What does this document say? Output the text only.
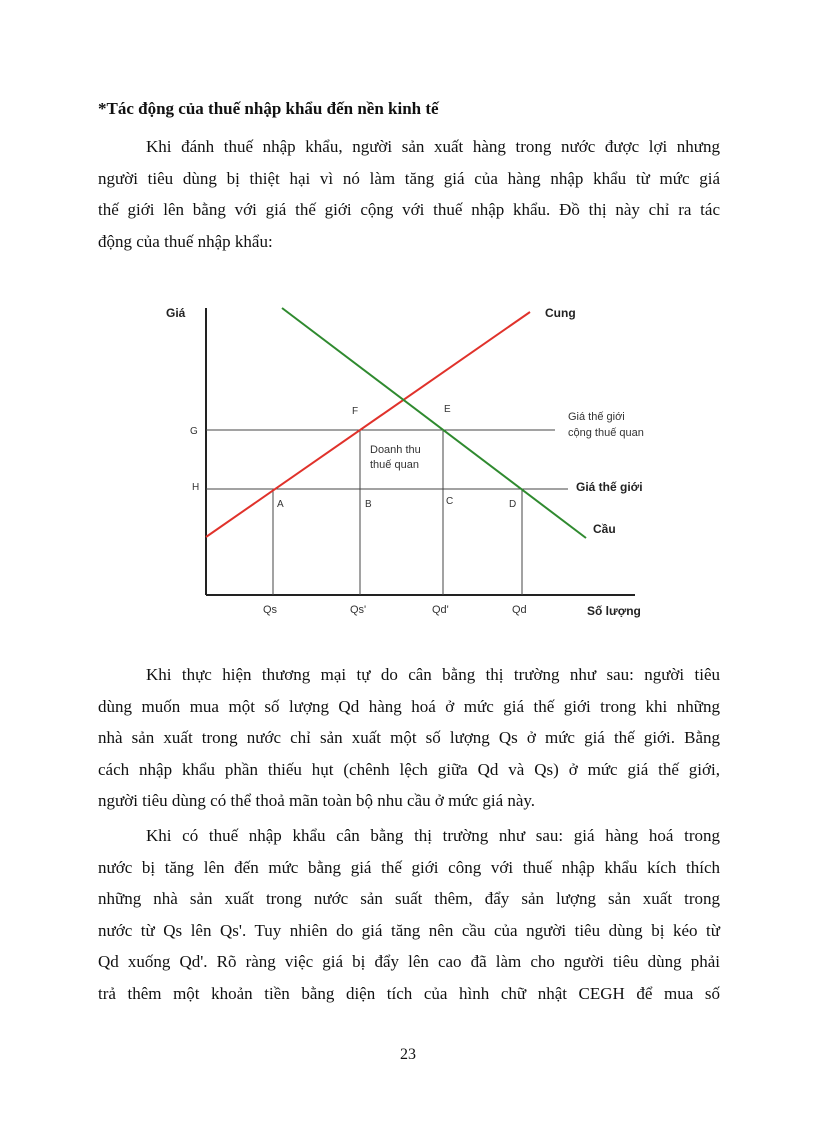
*Tác động của thuế nhập khẩu đến nền kinh tế
Khi đánh thuế nhập khẩu, người sản xuất hàng trong nước được lợi nhưng
người tiêu dùng bị thiệt hại vì nó làm tăng giá của hàng nhập khẩu từ mức giá
thế giới lên bằng với giá thế giới cộng với thuế nhập khẩu. Đồ thị này chỉ ra tác
động của thuế nhập khẩu:
Giá
Số lượng
Cung
Cầu
Giá thế giới
cộng thuế quan
Giá thế giới
G
H
F	E
A	B	C	D
Doanh thu
thuế quan
Qs	Qs'	Qd'	Qd
Khi thực hiện thương mại tự do cân bằng thị trường như sau: người tiêu
dùng muốn mua một số lượng Qd hàng hoá ở mức giá thế giới trong khi những
nhà sản xuất trong nước chỉ sản xuất một số lượng Qs ở mức giá thế giới. Bằng
cách nhập khẩu phần thiếu hụt (chênh lệch giữa Qd và Qs) ở mức giá thế giới,
người tiêu dùng có thể thoả mãn toàn bộ nhu cầu ở mức giá này.
Khi có thuế nhập khẩu cân bằng thị trường như sau: giá hàng hoá trong
nước bị tăng lên đến mức bằng giá thế giới công với thuế nhập khẩu kích thích
những nhà sản xuất trong nước sản suất thêm, đẩy sản lượng sản xuất trong
nước từ Qs lên Qs'. Tuy nhiên do giá tăng nên cầu của người tiêu dùng bị kéo từ
Qd xuống Qd'. Rõ ràng việc giá bị đẩy lên cao đã làm cho người tiêu dùng phải
trả thêm một khoản tiền bằng diện tích của hình chữ nhật CEGH để mua số
23
